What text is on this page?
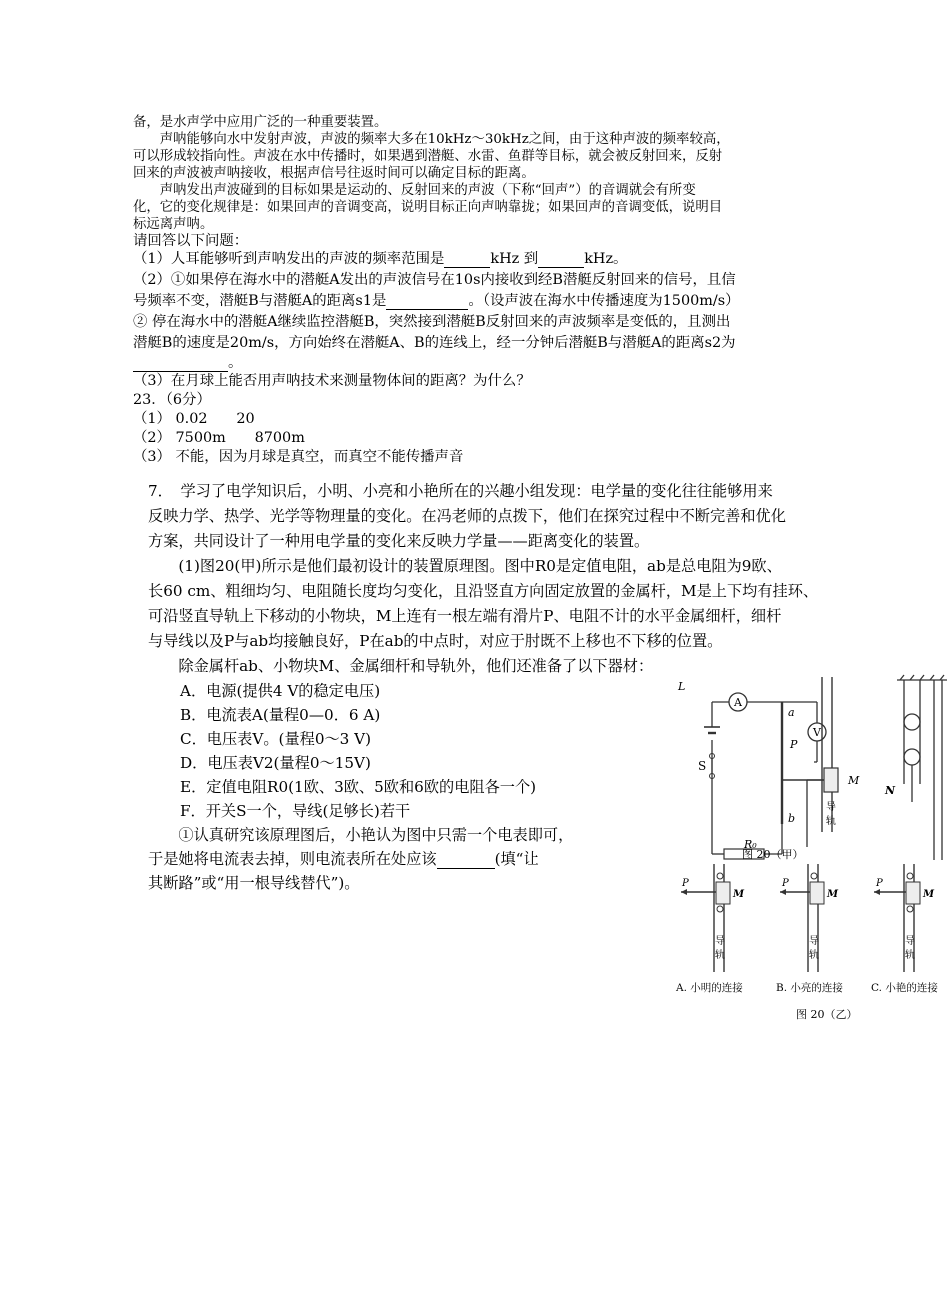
备，是水声学中应用广泛的一种重要装置。
　　声呐能够向水中发射声波，声波的频率大多在10kHz～30kHz之间，由于这种声波的频率较高，
可以形成较指向性。声波在水中传播时，如果遇到潜艇、水雷、鱼群等目标，就会被反射回来，反射
回来的声波被声呐接收，根据声信号往返时间可以确定目标的距离。
　　声呐发出声波碰到的目标如果是运动的、反射回来的声波（下称“回声”）的音调就会有所变
化，它的变化规律是：如果回声的音调变高，说明目标正向声呐靠拢；如果回声的音调变低，说明目
标远离声呐。
请回答以下问题：
（1）人耳能够听到声呐发出的声波的频率范围是	kHz 到	kHz。
（2）①如果停在海水中的潜艇A发出的声波信号在10s内接收到经B潜艇反射回来的信号，且信
号频率不变，潜艇B与潜艇A的距离s1是	。（设声波在海水中传播速度为1500m/s）
② 停在海水中的潜艇A继续监控潜艇B，突然接到潜艇B反射回来的声波频率是变低的，且测出
潜艇B的速度是20m/s，方向始终在潜艇A、B的连线上，经一分钟后潜艇B与潜艇A的距离s2为
。
（3）在月球上能否用声呐技术来测量物体间的距离？为什么？
23．（6分）
（1） 0.02　　20
（2） 7500m　　8700m
（3） 不能，因为月球是真空，而真空不能传播声音
7．　学习了电学知识后，小明、小亮和小艳所在的兴趣小组发现：电学量的变化往往能够用来
反映力学、热学、光学等物理量的变化。在冯老师的点拨下，他们在探究过程中不断完善和优化
方案，共同设计了一种用电学量的变化来反映力学量——距离变化的装置。
　　(1)图20(甲)所示是他们最初设计的装置原理图。图中R0是定值电阻，ab是总电阻为9欧、
长60 cm、粗细均匀、电阻随长度均匀变化，且沿竖直方向固定放置的金属杆，M是上下均有挂环、
可沿竖直导轨上下移动的小物块，M上连有一根左端有滑片P、电阻不计的水平金属细杆，细杆
与导线以及P与ab均接触良好，P在ab的中点时，对应于肘既不上移也不下移的位置。
　　除金属杆ab、小物块M、金属细杆和导轨外，他们还准备了以下器材：
A．电源(提供4 V的稳定电压)
B．电流表A(量程0—0．6 A)
C．电压表V。(量程0～3 V)
D．电压表V2(量程0～15V)
E．定值电阻R0(1欧、3欧、5欧和6欧的电阻各一个)
F．开关S一个，导线(足够长)若干
　　①认真研究该原理图后，小艳认为图中只需一个电表即可，
于是她将电流表去掉，则电流表所在处应该	(填“让
其断路”或“用一根导线替代”)。
A
V
L
a
b
P
M
S
R₀
N
导
轨
图 20（甲）
P
M
导
轨
P
M
导
轨
P
M
导
轨
A. 小明的连接	B. 小亮的连接	C. 小艳的连接
图 20（乙）
